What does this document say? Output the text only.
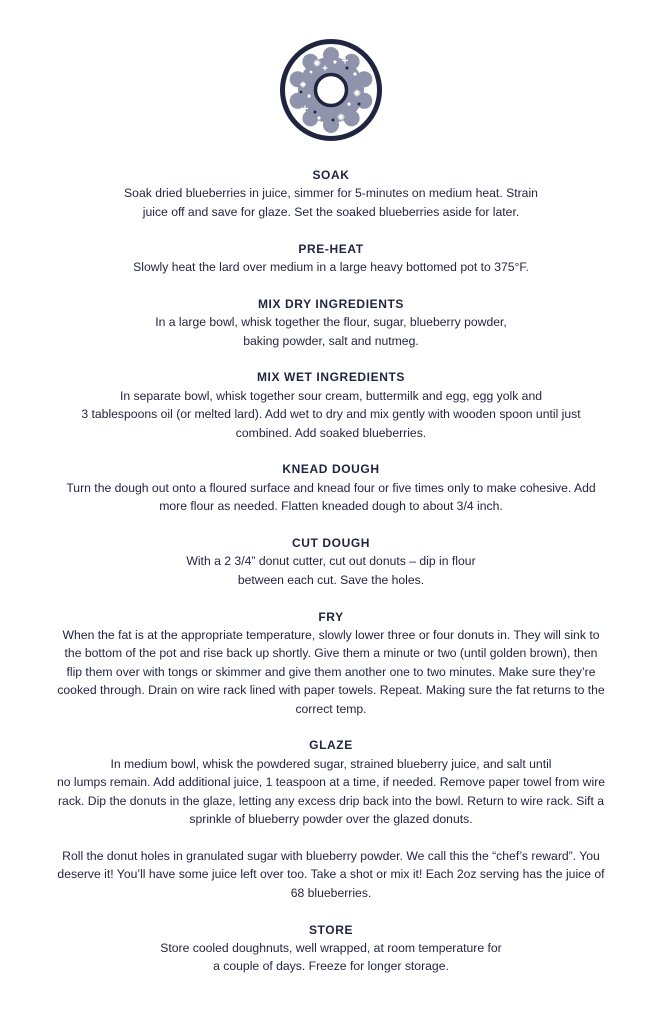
SOAK

Soak dried blueberries in juice, simmer for 5-minutes on medium heat. Strain
juice off and save for glaze. Set the soaked blueberries aside for later.

PRE-HEAT

Slowly heat the lard over medium in a large heavy bottomed pot to 375°F.

MIX DRY INGREDIENTS

In a large bowl, whisk together the flour, sugar, blueberry powder,
baking powder, salt and nutmeg.

MIX WET INGREDIENTS

In separate bowl, whisk together sour cream, buttermilk and egg, egg yolk and
3 tablespoons oil (or melted lard). Add wet to dry and mix gently with wooden spoon until just
combined. Add soaked blueberries.

KNEAD DOUGH

Turn the dough out onto a floured surface and knead four or five times only to make cohesive. Add
more flour as needed. Flatten kneaded dough to about 3/4 inch.

CUT DOUGH

With a 2 3/4” donut cutter, cut out donuts – dip in flour
between each cut. Save the holes.

FRY

When the fat is at the appropriate temperature, slowly lower three or four donuts in. They will sink to
the bottom of the pot and rise back up shortly. Give them a minute or two (until golden brown), then
flip them over with tongs or skimmer and give them another one to two minutes. Make sure they’re
cooked through. Drain on wire rack lined with paper towels. Repeat. Making sure the fat returns to the
correct temp.

GLAZE

In medium bowl, whisk the powdered sugar, strained blueberry juice, and salt until
no lumps remain. Add additional juice, 1 teaspoon at a time, if needed. Remove paper towel from wire
rack. Dip the donuts in the glaze, letting any excess drip back into the bowl. Return to wire rack. Sift a
sprinkle of blueberry powder over the glazed donuts.

Roll the donut holes in granulated sugar with blueberry powder. We call this the “chef’s reward”. You
deserve it! You’ll have some juice left over too. Take a shot or mix it! Each 2oz serving has the juice of
68 blueberries.

STORE

Store cooled doughnuts, well wrapped, at room temperature for
a couple of days. Freeze for longer storage.
